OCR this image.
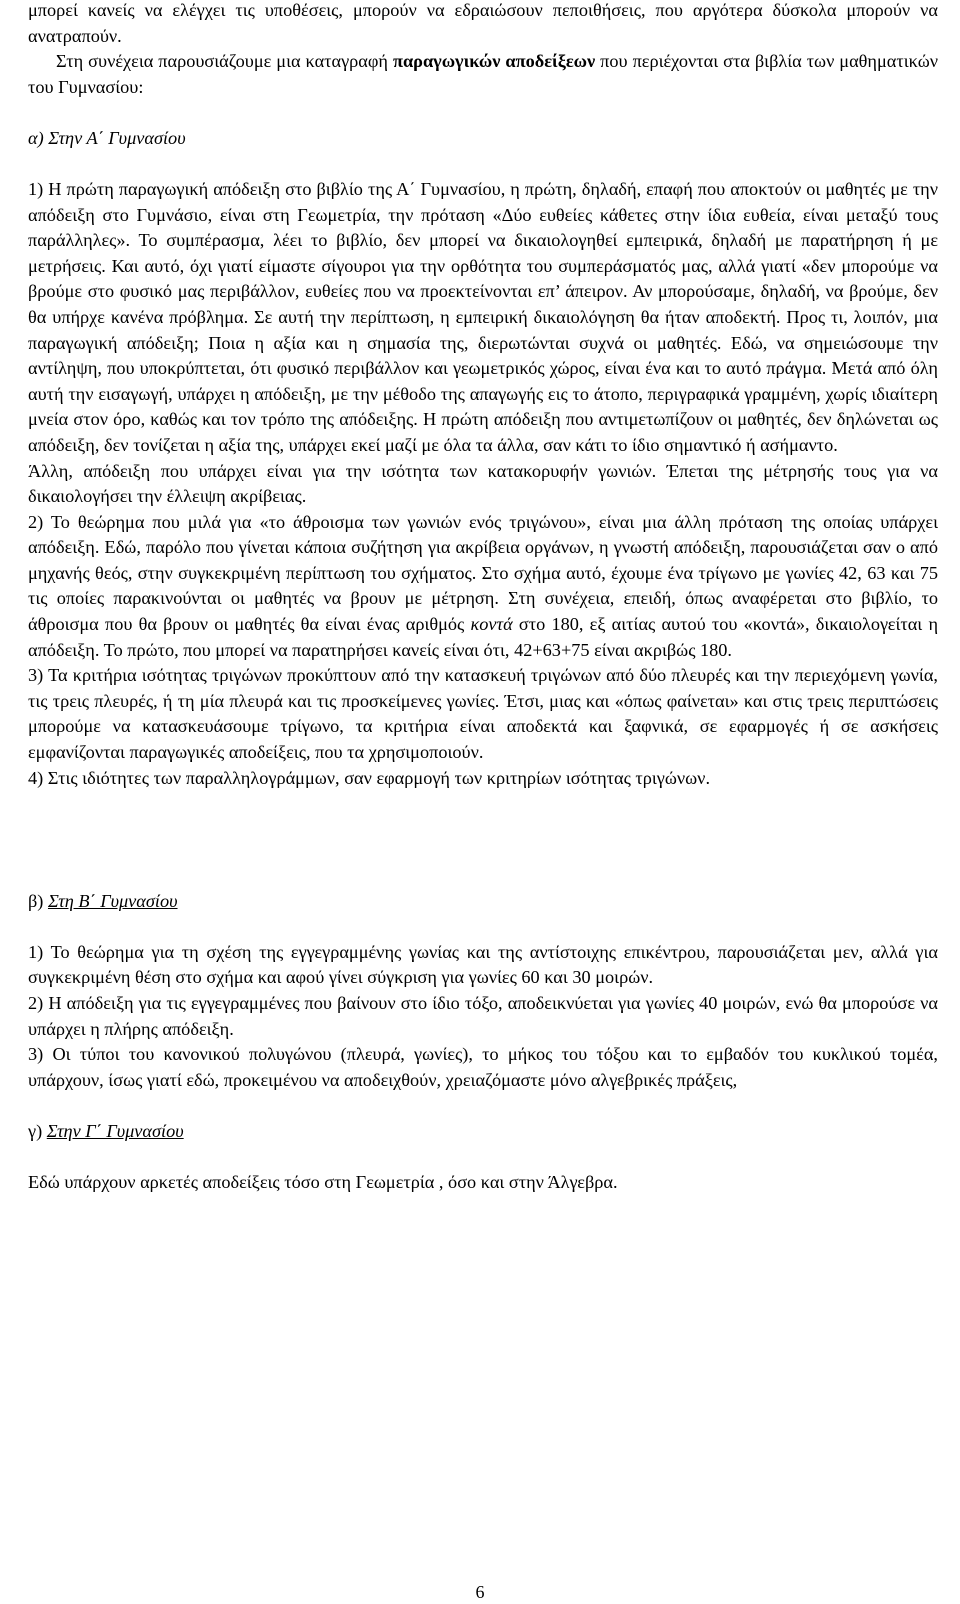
μπορεί κανείς να ελέγχει τις υποθέσεις, μπορούν να εδραιώσουν πεποιθήσεις, που αργότερα δύσκολα μπορούν να ανατραπούν.

Στη συνέχεια παρουσιάζουμε μια καταγραφή παραγωγικών αποδείξεων που περιέχονται στα βιβλία των μαθηματικών του Γυμνασίου:

α) Στην Α΄ Γυμνασίου

1) Η πρώτη παραγωγική απόδειξη στο βιβλίο της Α΄ Γυμνασίου, η πρώτη, δηλαδή, επαφή που αποκτούν οι μαθητές με την απόδειξη στο Γυμνάσιο, είναι στη Γεωμετρία, την πρόταση «Δύο ευθείες κάθετες στην ίδια ευθεία, είναι μεταξύ τους παράλληλες». Το συμπέρασμα, λέει το βιβλίο, δεν μπορεί να δικαιολογηθεί εμπειρικά, δηλαδή με παρατήρηση ή με μετρήσεις. Και αυτό, όχι γιατί είμαστε σίγουροι για την ορθότητα του συμπεράσματός μας, αλλά γιατί «δεν μπορούμε να βρούμε στο φυσικό μας περιβάλλον, ευθείες που να προεκτείνονται επ’ άπειρον. Αν μπορούσαμε, δηλαδή, να βρούμε, δεν θα υπήρχε κανένα πρόβλημα. Σε αυτή την περίπτωση, η εμπειρική δικαιολόγηση θα ήταν αποδεκτή. Προς τι, λοιπόν, μια παραγωγική απόδειξη; Ποια η αξία και η σημασία της, διερωτώνται συχνά οι μαθητές. Εδώ, να σημειώσουμε την αντίληψη, που υποκρύπτεται, ότι φυσικό περιβάλλον και γεωμετρικός χώρος, είναι ένα και το αυτό πράγμα. Μετά από όλη αυτή την εισαγωγή, υπάρχει η απόδειξη, με την μέθοδο της απαγωγής εις το άτοπο, περιγραφικά γραμμένη, χωρίς ιδιαίτερη μνεία στον όρο, καθώς και τον τρόπο της απόδειξης. Η πρώτη απόδειξη που αντιμετωπίζουν οι μαθητές, δεν δηλώνεται ως απόδειξη, δεν τονίζεται η αξία της, υπάρχει εκεί μαζί με όλα τα άλλα, σαν κάτι το ίδιο σημαντικό ή ασήμαντο.

Άλλη, απόδειξη που υπάρχει είναι για την ισότητα των κατακορυφήν γωνιών. Έπεται της μέτρησής τους για να δικαιολογήσει την έλλειψη ακρίβειας.

2) Το θεώρημα που μιλά για «το άθροισμα των γωνιών ενός τριγώνου», είναι μια άλλη πρόταση της οποίας υπάρχει απόδειξη. Εδώ, παρόλο που γίνεται κάποια συζήτηση για ακρίβεια οργάνων, η γνωστή απόδειξη, παρουσιάζεται σαν ο από μηχανής θεός, στην συγκεκριμένη περίπτωση του σχήματος. Στο σχήμα αυτό, έχουμε ένα τρίγωνο με γωνίες 42, 63 και 75 τις οποίες παρακινούνται οι μαθητές να βρουν με μέτρηση. Στη συνέχεια, επειδή, όπως αναφέρεται στο βιβλίο, το άθροισμα που θα βρουν οι μαθητές θα είναι ένας αριθμός κοντά στο 180, εξ αιτίας αυτού του «κοντά», δικαιολογείται η απόδειξη. Το πρώτο, που μπορεί να παρατηρήσει κανείς είναι ότι, 42+63+75 είναι ακριβώς 180.

3) Τα κριτήρια ισότητας τριγώνων προκύπτουν από την κατασκευή τριγώνων από δύο πλευρές και την περιεχόμενη γωνία, τις τρεις πλευρές, ή τη μία πλευρά και τις προσκείμενες γωνίες. Έτσι, μιας και «όπως φαίνεται» και στις τρεις περιπτώσεις μπορούμε να κατασκευάσουμε τρίγωνο, τα κριτήρια είναι αποδεκτά και ξαφνικά, σε εφαρμογές ή σε ασκήσεις εμφανίζονται παραγωγικές αποδείξεις, που τα χρησιμοποιούν.

4) Στις ιδιότητες των παραλληλογράμμων, σαν εφαρμογή των κριτηρίων ισότητας τριγώνων.

β) Στη Β΄ Γυμνασίου

1) Το θεώρημα για τη σχέση της εγγεγραμμένης γωνίας και της αντίστοιχης επικέντρου, παρουσιάζεται μεν, αλλά για συγκεκριμένη θέση στο σχήμα και αφού γίνει σύγκριση για γωνίες 60 και 30 μοιρών.

2) Η απόδειξη για τις εγγεγραμμένες που βαίνουν στο ίδιο τόξο, αποδεικνύεται για γωνίες 40 μοιρών, ενώ θα μπορούσε να υπάρχει η πλήρης απόδειξη.

3) Οι τύποι του κανονικού πολυγώνου (πλευρά, γωνίες), το μήκος του τόξου και το εμβαδόν του κυκλικού τομέα, υπάρχουν, ίσως γιατί εδώ, προκειμένου να αποδειχθούν, χρειαζόμαστε μόνο αλγεβρικές πράξεις,

γ) Στην Γ΄ Γυμνασίου

Εδώ υπάρχουν αρκετές αποδείξεις τόσο στη Γεωμετρία , όσο και στην Άλγεβρα.

6
